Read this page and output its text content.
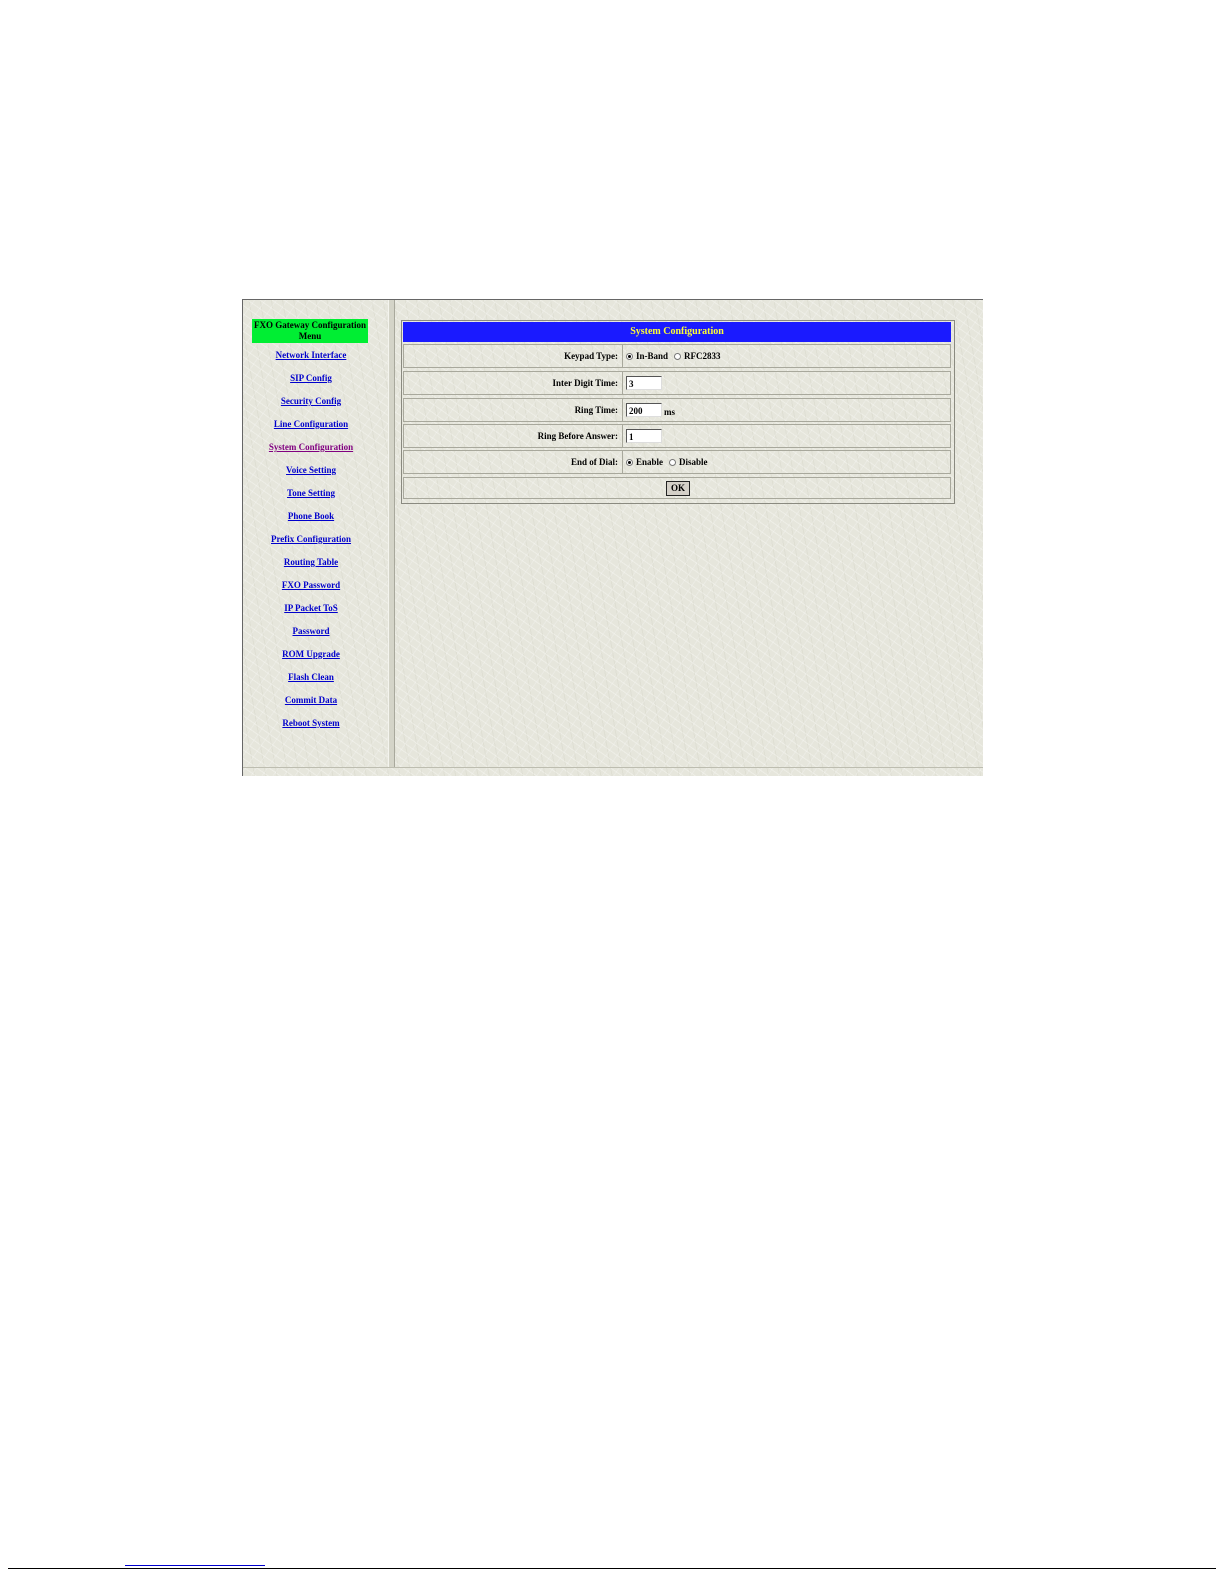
FXO Gateway Configuration Menu
Network Interface
SIP Config
Security Config
Line Configuration
System Configuration
Voice Setting
Tone Setting
Phone Book
Prefix Configuration
Routing Table
FXO Password
IP Packet ToS
Password
ROM Upgrade
Flash Clean
Commit Data
Reboot System
System Configuration
Keypad Type:	In-Band RFC2833
Inter Digit Time:	3
Ring Time:	200	ms
Ring Before Answer:	1
End of Dial:	Enable Disable
OK
